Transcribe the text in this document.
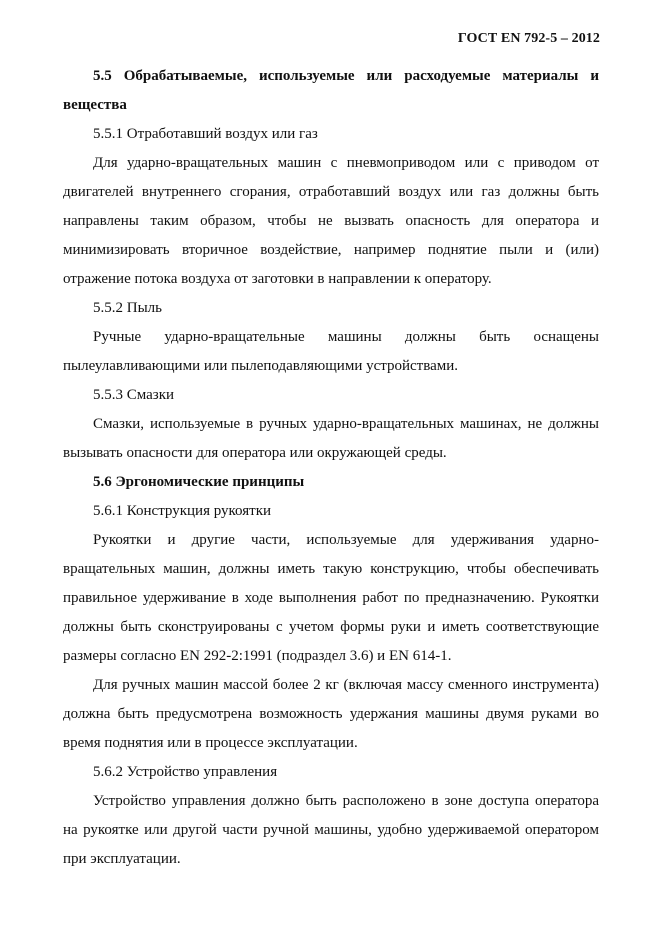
ГОСТ EN 792-5 – 2012

5.5 Обрабатываемые, используемые или расходуемые материалы и вещества

5.5.1 Отработавший воздух или газ

Для ударно-вращательных машин с пневмоприводом или с приводом от двигателей внутреннего сгорания, отработавший воздух или газ должны быть направлены таким образом, чтобы не вызвать опасность для оператора и минимизировать вторичное воздействие, например поднятие пыли и (или) отражение потока воздуха от заготовки в направлении к оператору.

5.5.2 Пыль

Ручные ударно-вращательные машины должны быть оснащены пылеулавливающими или пылеподавляющими устройствами.

5.5.3 Смазки

Смазки, используемые в ручных ударно-вращательных машинах, не должны вызывать опасности для оператора или окружающей среды.

5.6 Эргономические принципы

5.6.1 Конструкция рукоятки

Рукоятки и другие части, используемые для удерживания ударно-вращательных машин, должны иметь такую конструкцию, чтобы обеспечивать правильное удерживание в ходе выполнения работ по предназначению. Рукоятки должны быть сконструированы с учетом формы руки и иметь соответствующие размеры согласно EN 292-2:1991 (подраздел 3.6) и EN 614-1.

Для ручных машин массой более 2 кг (включая массу сменного инструмента) должна быть предусмотрена возможность удержания машины двумя руками во время поднятия или в процессе эксплуатации.

5.6.2 Устройство управления

Устройство управления должно быть расположено в зоне доступа оператора на рукоятке или другой части ручной машины, удобно удерживаемой оператором при эксплуатации.
